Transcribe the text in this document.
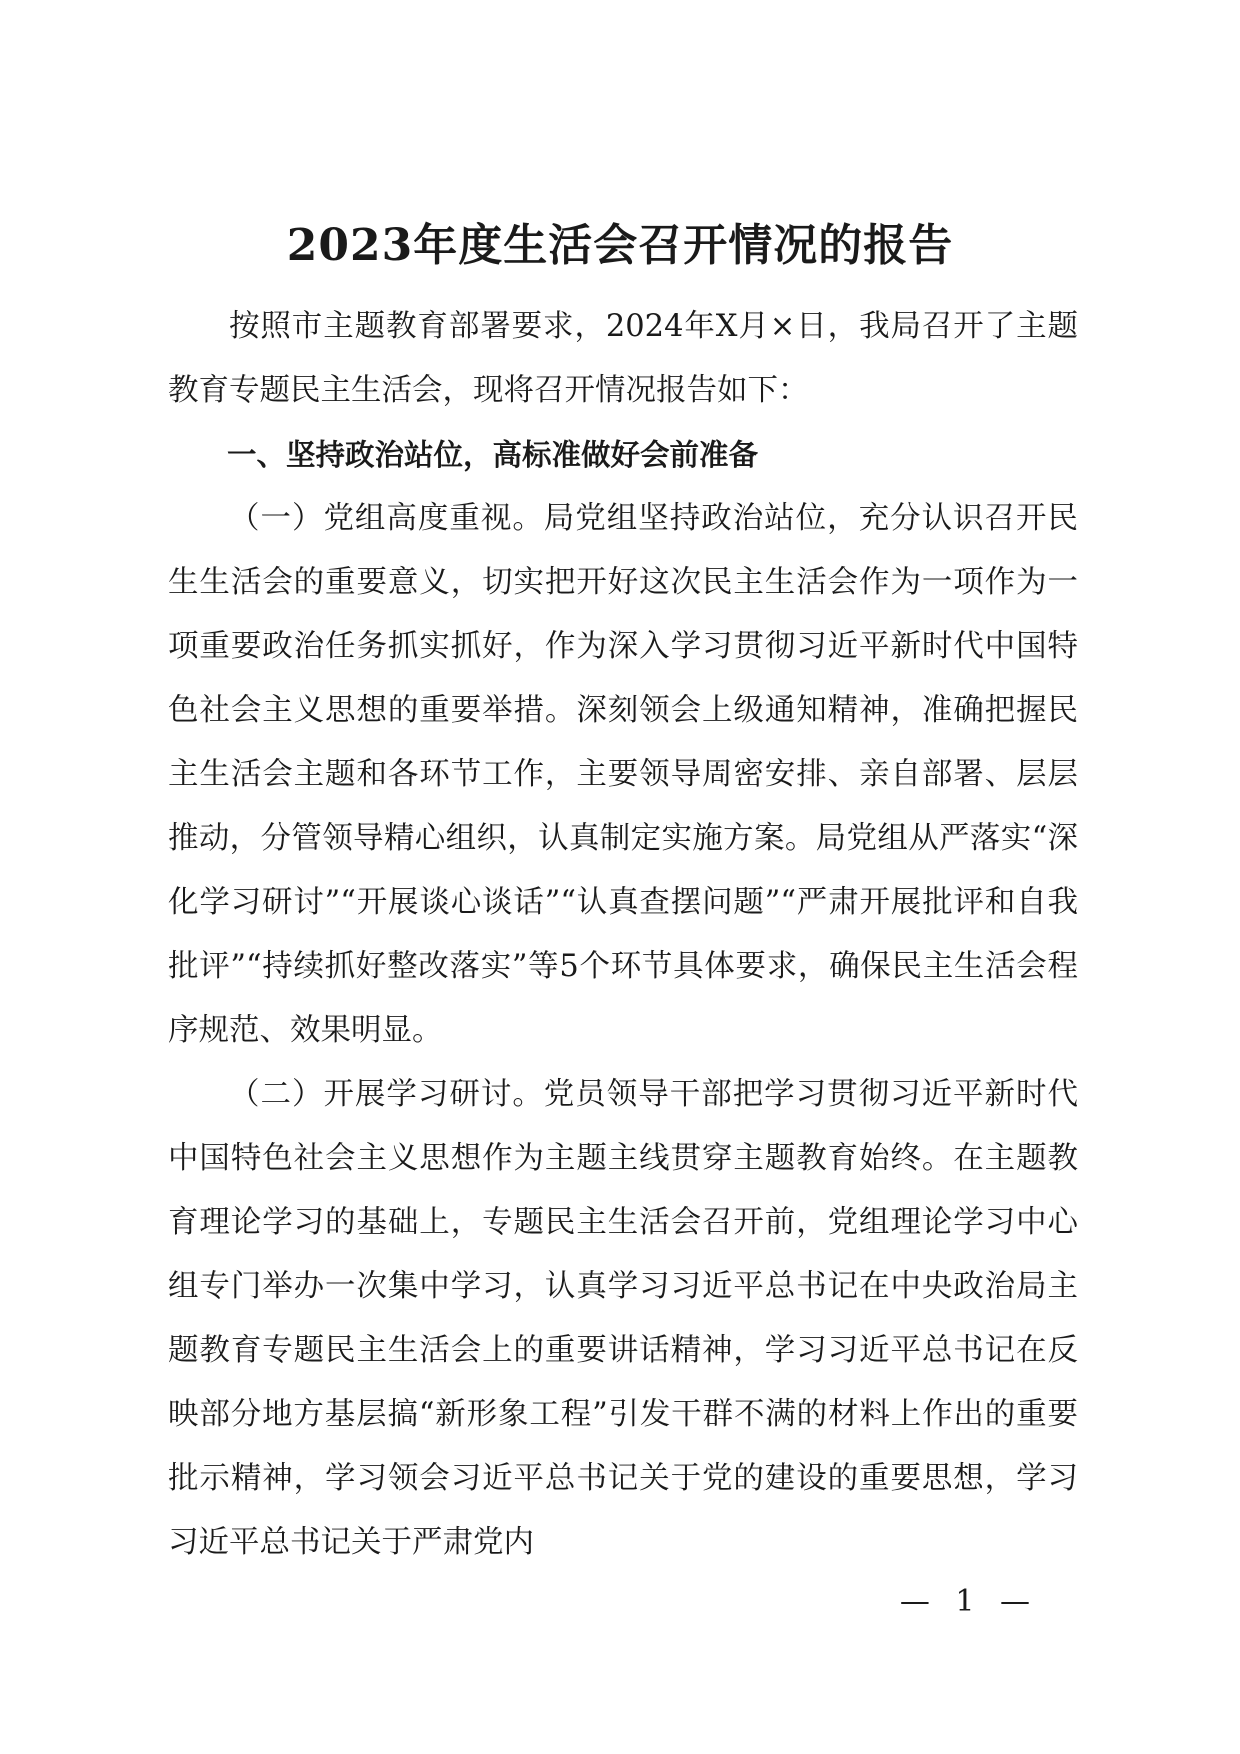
2023年度生活会召开情况的报告

按照市主题教育部署要求，2024年X月×日，我局召开了主题教育专题民主生活会，现将召开情况报告如下：

一、坚持政治站位，高标准做好会前准备

（一）党组高度重视。局党组坚持政治站位，充分认识召开民生生活会的重要意义，切实把开好这次民主生活会作为一项作为一项重要政治任务抓实抓好，作为深入学习贯彻习近平新时代中国特色社会主义思想的重要举措。深刻领会上级通知精神，准确把握民主生活会主题和各环节工作，主要领导周密安排、亲自部署、层层推动，分管领导精心组织，认真制定实施方案。局党组从严落实“深化学习研讨”“开展谈心谈话”“认真查摆问题”“严肃开展批评和自我批评”“持续抓好整改落实”等5个环节具体要求，确保民主生活会程序规范、效果明显。

（二）开展学习研讨。党员领导干部把学习贯彻习近平新时代中国特色社会主义思想作为主题主线贯穿主题教育始终。在主题教育理论学习的基础上，专题民主生活会召开前，党组理论学习中心组专门举办一次集中学习，认真学习习近平总书记在中央政治局主题教育专题民主生活会上的重要讲话精神，学习习近平总书记在反映部分地方基层搞“新形象工程”引发干群不满的材料上作出的重要批示精神，学习领会习近平总书记关于党的建设的重要思想，学习习近平总书记关于严肃党内

— 1 —
